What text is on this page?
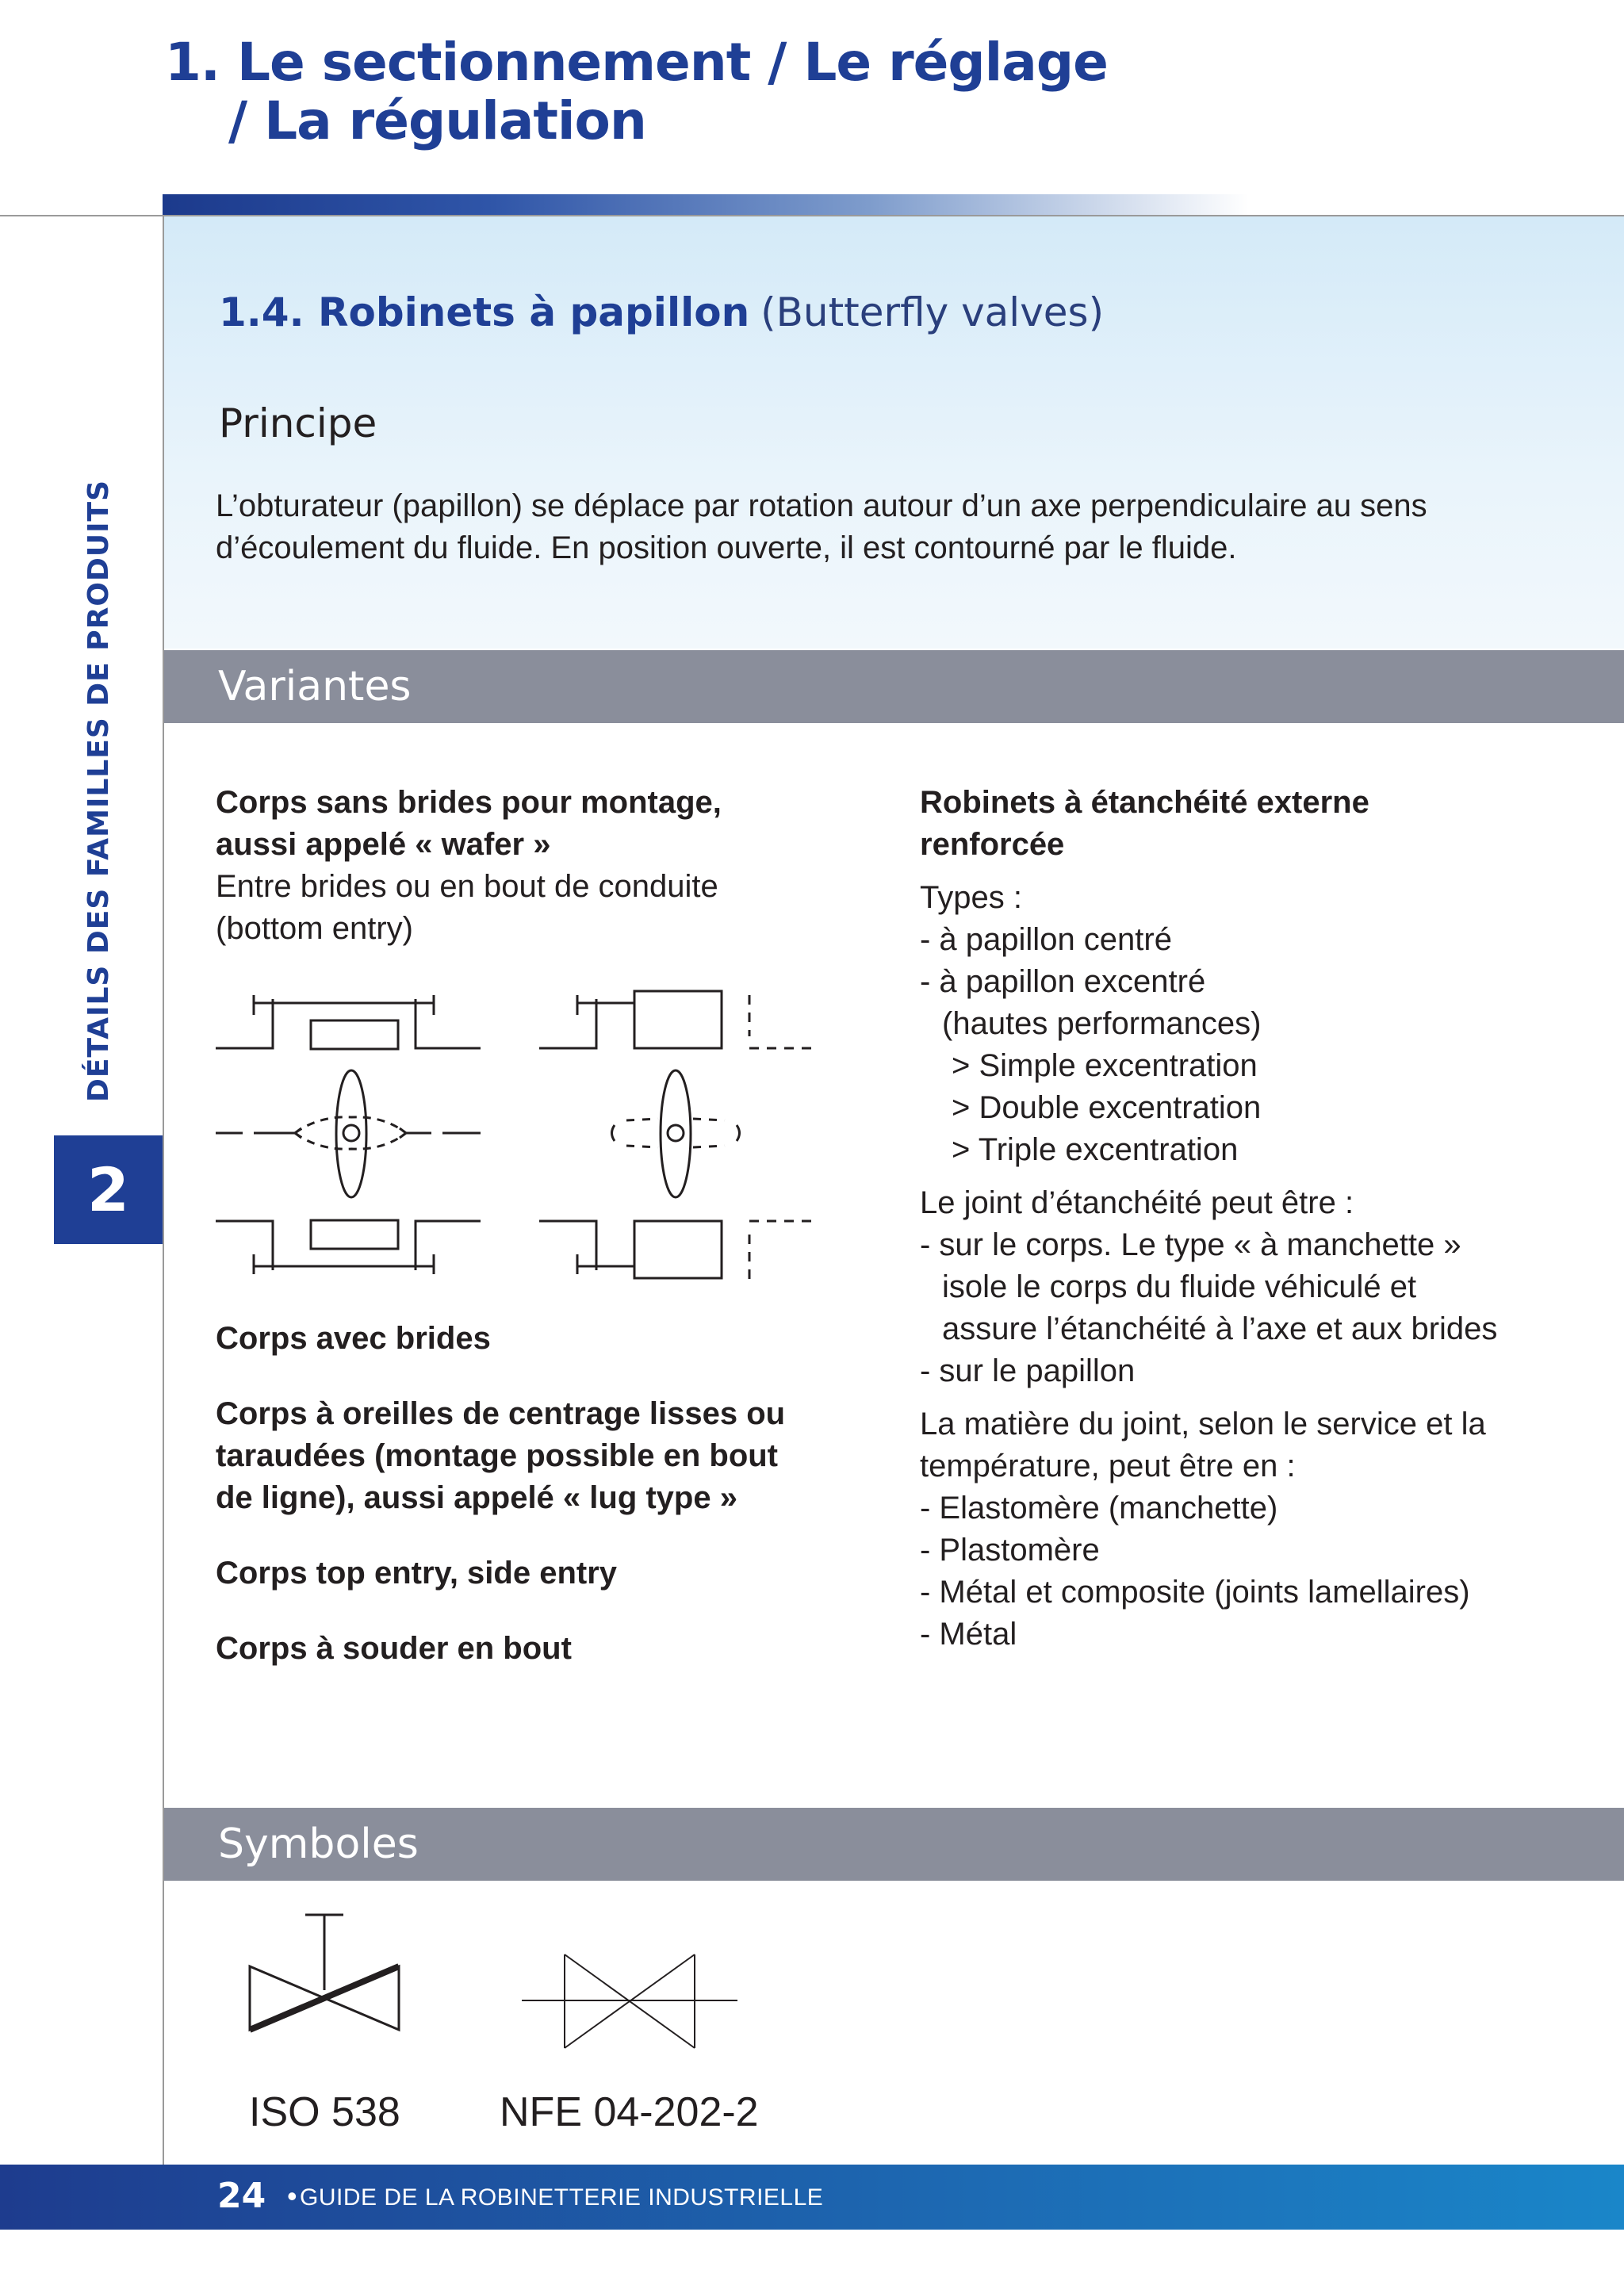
1. Le sectionnement / Le réglage
/ La régulation
DÉTAILS DES FAMILLES DE PRODUITS
2
1.4. Robinets à papillon (Butterfly valves)
Principe
L’obturateur (papillon) se déplace par rotation autour d’un axe perpendiculaire au sens
d’écoulement du fluide. En position ouverte, il est contourné par le fluide.
Variantes

Corps sans brides pour montage,

aussi appelé « wafer »

Entre brides ou en bout de conduite

(bottom entry)

Corps avec brides

Corps à oreilles de centrage lisses ou

taraudées (montage possible en bout

de ligne), aussi appelé « lug type »

Corps top entry, side entry

Corps à souder en bout

Robinets à étanchéité externe

renforcée

Types :

- à papillon centré

- à papillon excentré

(hautes performances)

> Simple excentration

> Double excentration

> Triple excentration

Le joint d’étanchéité peut être :

- sur le corps. Le type « à manchette »

isole le corps du fluide véhiculé et

assure l’étanchéité à l’axe et aux brides

- sur le papillon

La matière du joint, selon le service et la

température, peut être en :

- Elastomère (manchette)

- Plastomère

- Métal et composite (joints lamellaires)

- Métal

Symboles
ISO 538 NFE 04-202-2
24 • GUIDE DE LA ROBINETTERIE INDUSTRIELLE
